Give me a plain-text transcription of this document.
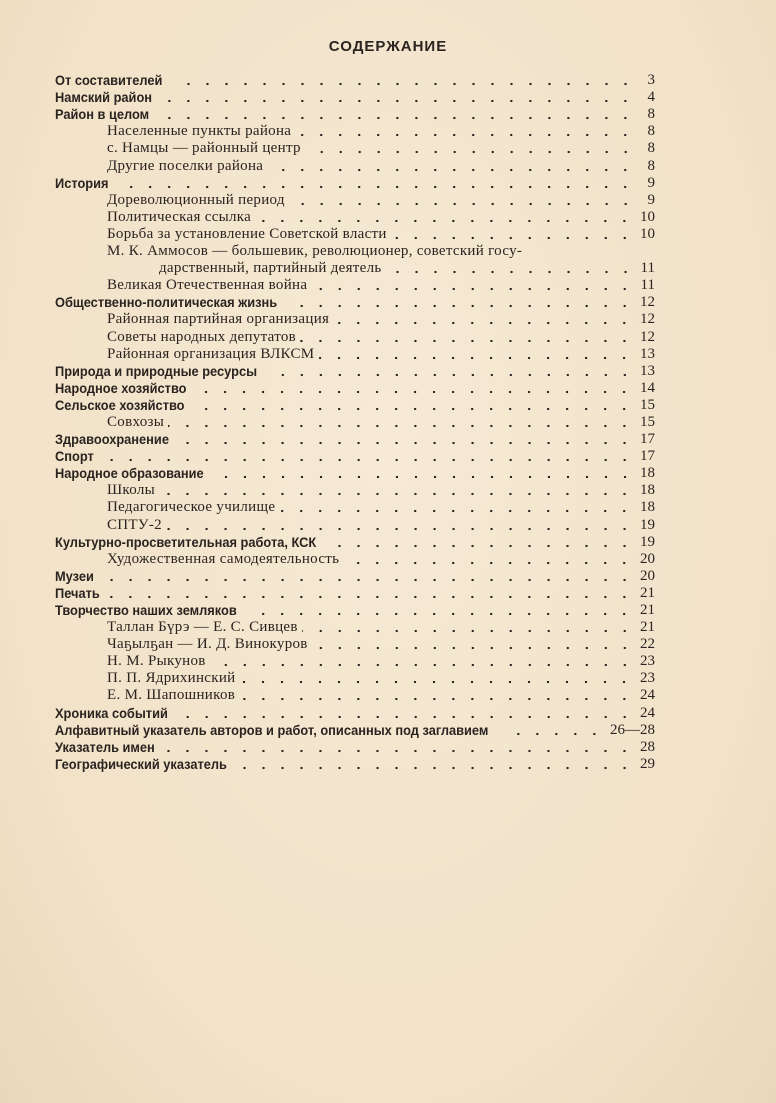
СОДЕРЖАНИЕ
От составителей	3
Намский район	4
Район в целом	8
Населенные пункты района	8
с. Намцы — районный центр	8
Другие поселки района	8
История	9
Дореволюционный период	9
Политическая ссылка	10
Борьба за установление Советской власти	10
М. К. Аммосов — большевик, революционер, советский госу-
дарственный, партийный деятель	11
Великая Отечественная война	11
Общественно-политическая жизнь	12
Районная партийная организация	12
Советы народных депутатов	12
Районная организация ВЛКСМ	13
Природа и природные ресурсы	13
Народное хозяйство	14
Сельское хозяйство	15
Совхозы	15
Здравоохранение	17
Спорт	17
Народное образование	18
Школы	18
Педагогическое училище	18
СПТУ-2	19
Культурно-просветительная работа, КСК	19
Художественная самодеятельность	20
Музеи	20
Печать	21
Творчество наших земляков	21
Таллан Бүрэ — Е. С. Сивцев	21
Чаҕылҕан — И. Д. Винокуров	22
Н. М. Рыкунов	23
П. П. Ядрихинский	23
Е. М. Шапошников	24
Хроника событий	24
Алфавитный указатель авторов и работ, описанных под заглавием	26—28
Указатель имен	28
Географический указатель	29
